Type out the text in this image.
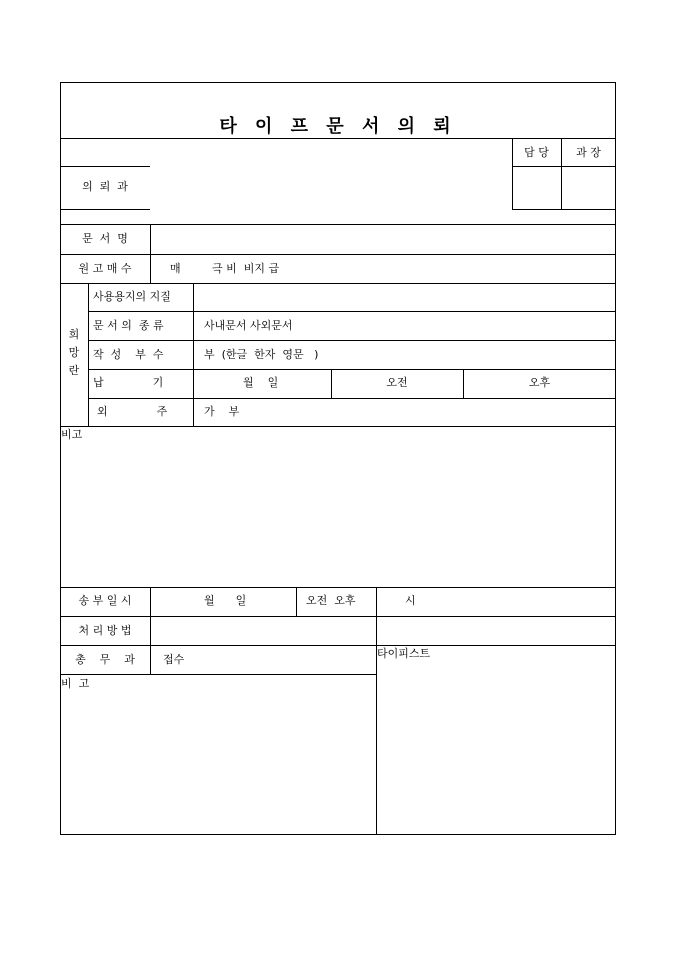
타 이 프 문 서 의 뢰
담 당	과 장
의  뢰  과
문  서  명
원 고 매 수	매	극 비  비지 급
희 망 란
사용용지의 지질
문 서 의  종 류	사내문서 사외문서
작  성    부  수	부  (한글  한자  영문   )
납              기	월    일	오전	오후
외              주	가    부
비고
송 부 일 시	월      일	오전  오후	시
처 리 방 법
총    무    과	접수	타이피스트
비  고
